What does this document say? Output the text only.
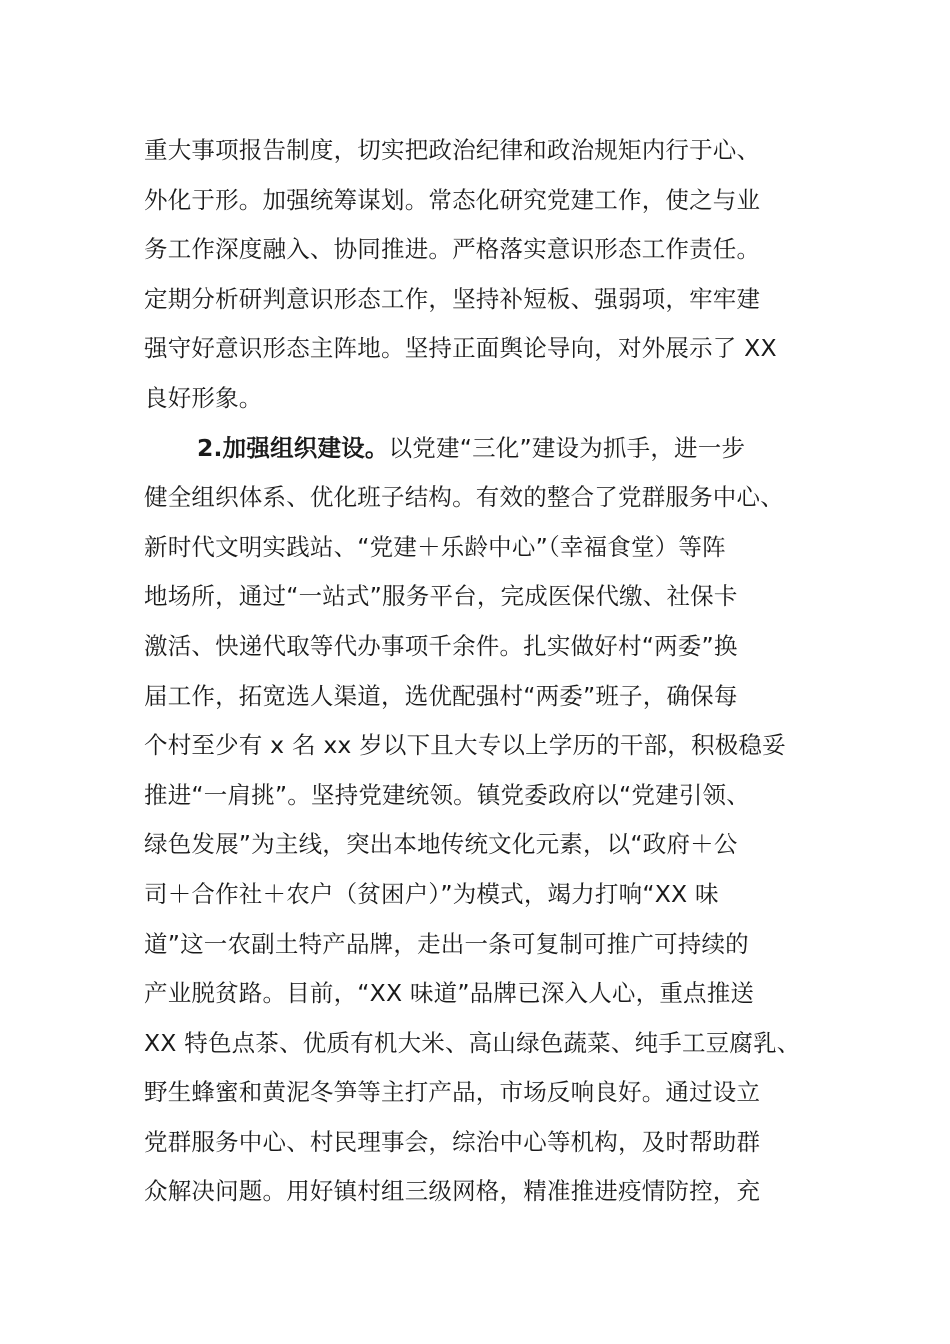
重大事项报告制度，切实把政治纪律和政治规矩内行于心、
外化于形。加强统筹谋划。常态化研究党建工作，使之与业
务工作深度融入、协同推进。严格落实意识形态工作责任。
定期分析研判意识形态工作，坚持补短板、强弱项，牢牢建
强守好意识形态主阵地。坚持正面舆论导向，对外展示了 XX
良好形象。
2.加强组织建设。以党建“三化”建设为抓手，进一步
健全组织体系、优化班子结构。有效的整合了党群服务中心、
新时代文明实践站、“党建＋乐龄中心”（幸福食堂）等阵
地场所，通过“一站式”服务平台，完成医保代缴、社保卡
激活、快递代取等代办事项千余件。扎实做好村“两委”换
届工作，拓宽选人渠道，选优配强村“两委”班子，确保每
个村至少有 x 名 xx 岁以下且大专以上学历的干部，积极稳妥
推进“一肩挑”。坚持党建统领。镇党委政府以“党建引领、
绿色发展”为主线，突出本地传统文化元素，以“政府＋公
司＋合作社＋农户（贫困户）”为模式，竭力打响“XX 味
道”这一农副土特产品牌，走出一条可复制可推广可持续的
产业脱贫路。目前，“XX 味道”品牌已深入人心，重点推送
XX 特色点茶、优质有机大米、高山绿色蔬菜、纯手工豆腐乳、
野生蜂蜜和黄泥冬笋等主打产品，市场反响良好。通过设立
党群服务中心、村民理事会，综治中心等机构，及时帮助群
众解决问题。用好镇村组三级网格，精准推进疫情防控，充
